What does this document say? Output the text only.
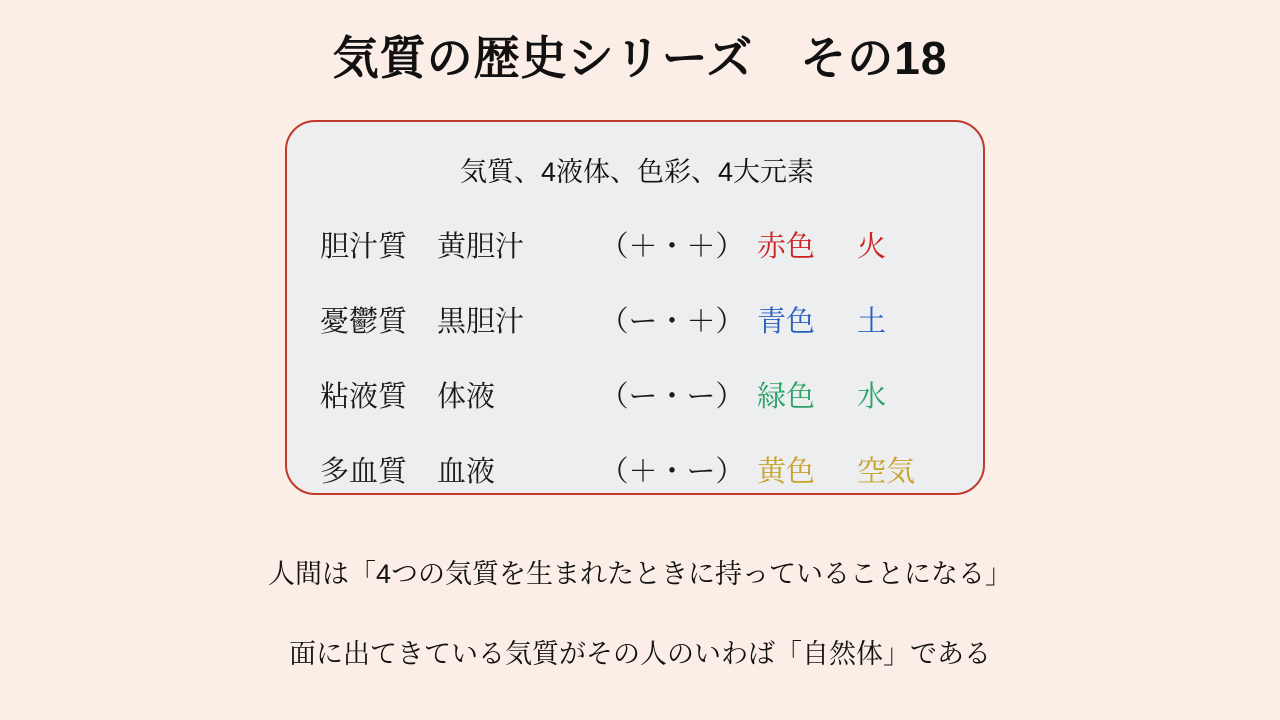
気質の歴史シリーズ　その18
気質、4液体、色彩、4大元素
胆汁質	黄胆汁	（＋・＋） 赤色	火
憂鬱質	黒胆汁	（ー・＋） 青色	土
粘液質	体液	（ー・ー） 緑色	水
多血質	血液	（＋・ー） 黄色	空気
人間は「4つの気質を生まれたときに持っていることになる」
面に出てきている気質がその人のいわば「自然体」である
